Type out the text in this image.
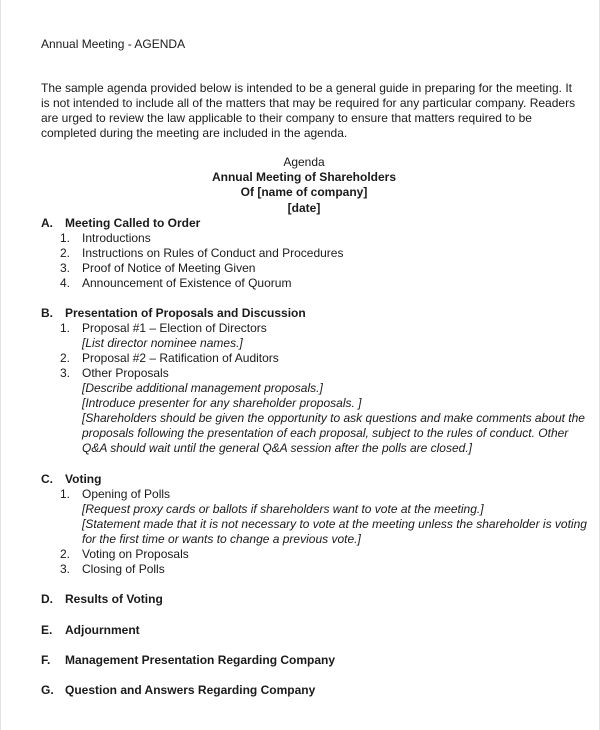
Annual Meeting - AGENDA

The sample agenda provided below is intended to be a general guide in preparing for the meeting. It is not intended to include all of the matters that may be required for any particular company. Readers are urged to review the law applicable to their company to ensure that matters required to be completed during the meeting are included in the agenda.

Agenda
Annual Meeting of Shareholders
Of [name of company]
[date]
A. Meeting Called to Order
1. Introductions
2. Instructions on Rules of Conduct and Procedures
3. Proof of Notice of Meeting Given
4. Announcement of Existence of Quorum
B. Presentation of Proposals and Discussion
1. Proposal #1 – Election of Directors
[List director nominee names.]
2. Proposal #2 – Ratification of Auditors
3. Other Proposals
[Describe additional management proposals.]
[Introduce presenter for any shareholder proposals. ]
[Shareholders should be given the opportunity to ask questions and make comments about the
proposals following the presentation of each proposal, subject to the rules of conduct. Other
Q&A should wait until the general Q&A session after the polls are closed.]
C. Voting
1. Opening of Polls
[Request proxy cards or ballots if shareholders want to vote at the meeting.]
[Statement made that it is not necessary to vote at the meeting unless the shareholder is voting
for the first time or wants to change a previous vote.]
2. Voting on Proposals
3. Closing of Polls
D. Results of Voting
E. Adjournment
F. Management Presentation Regarding Company
G. Question and Answers Regarding Company
